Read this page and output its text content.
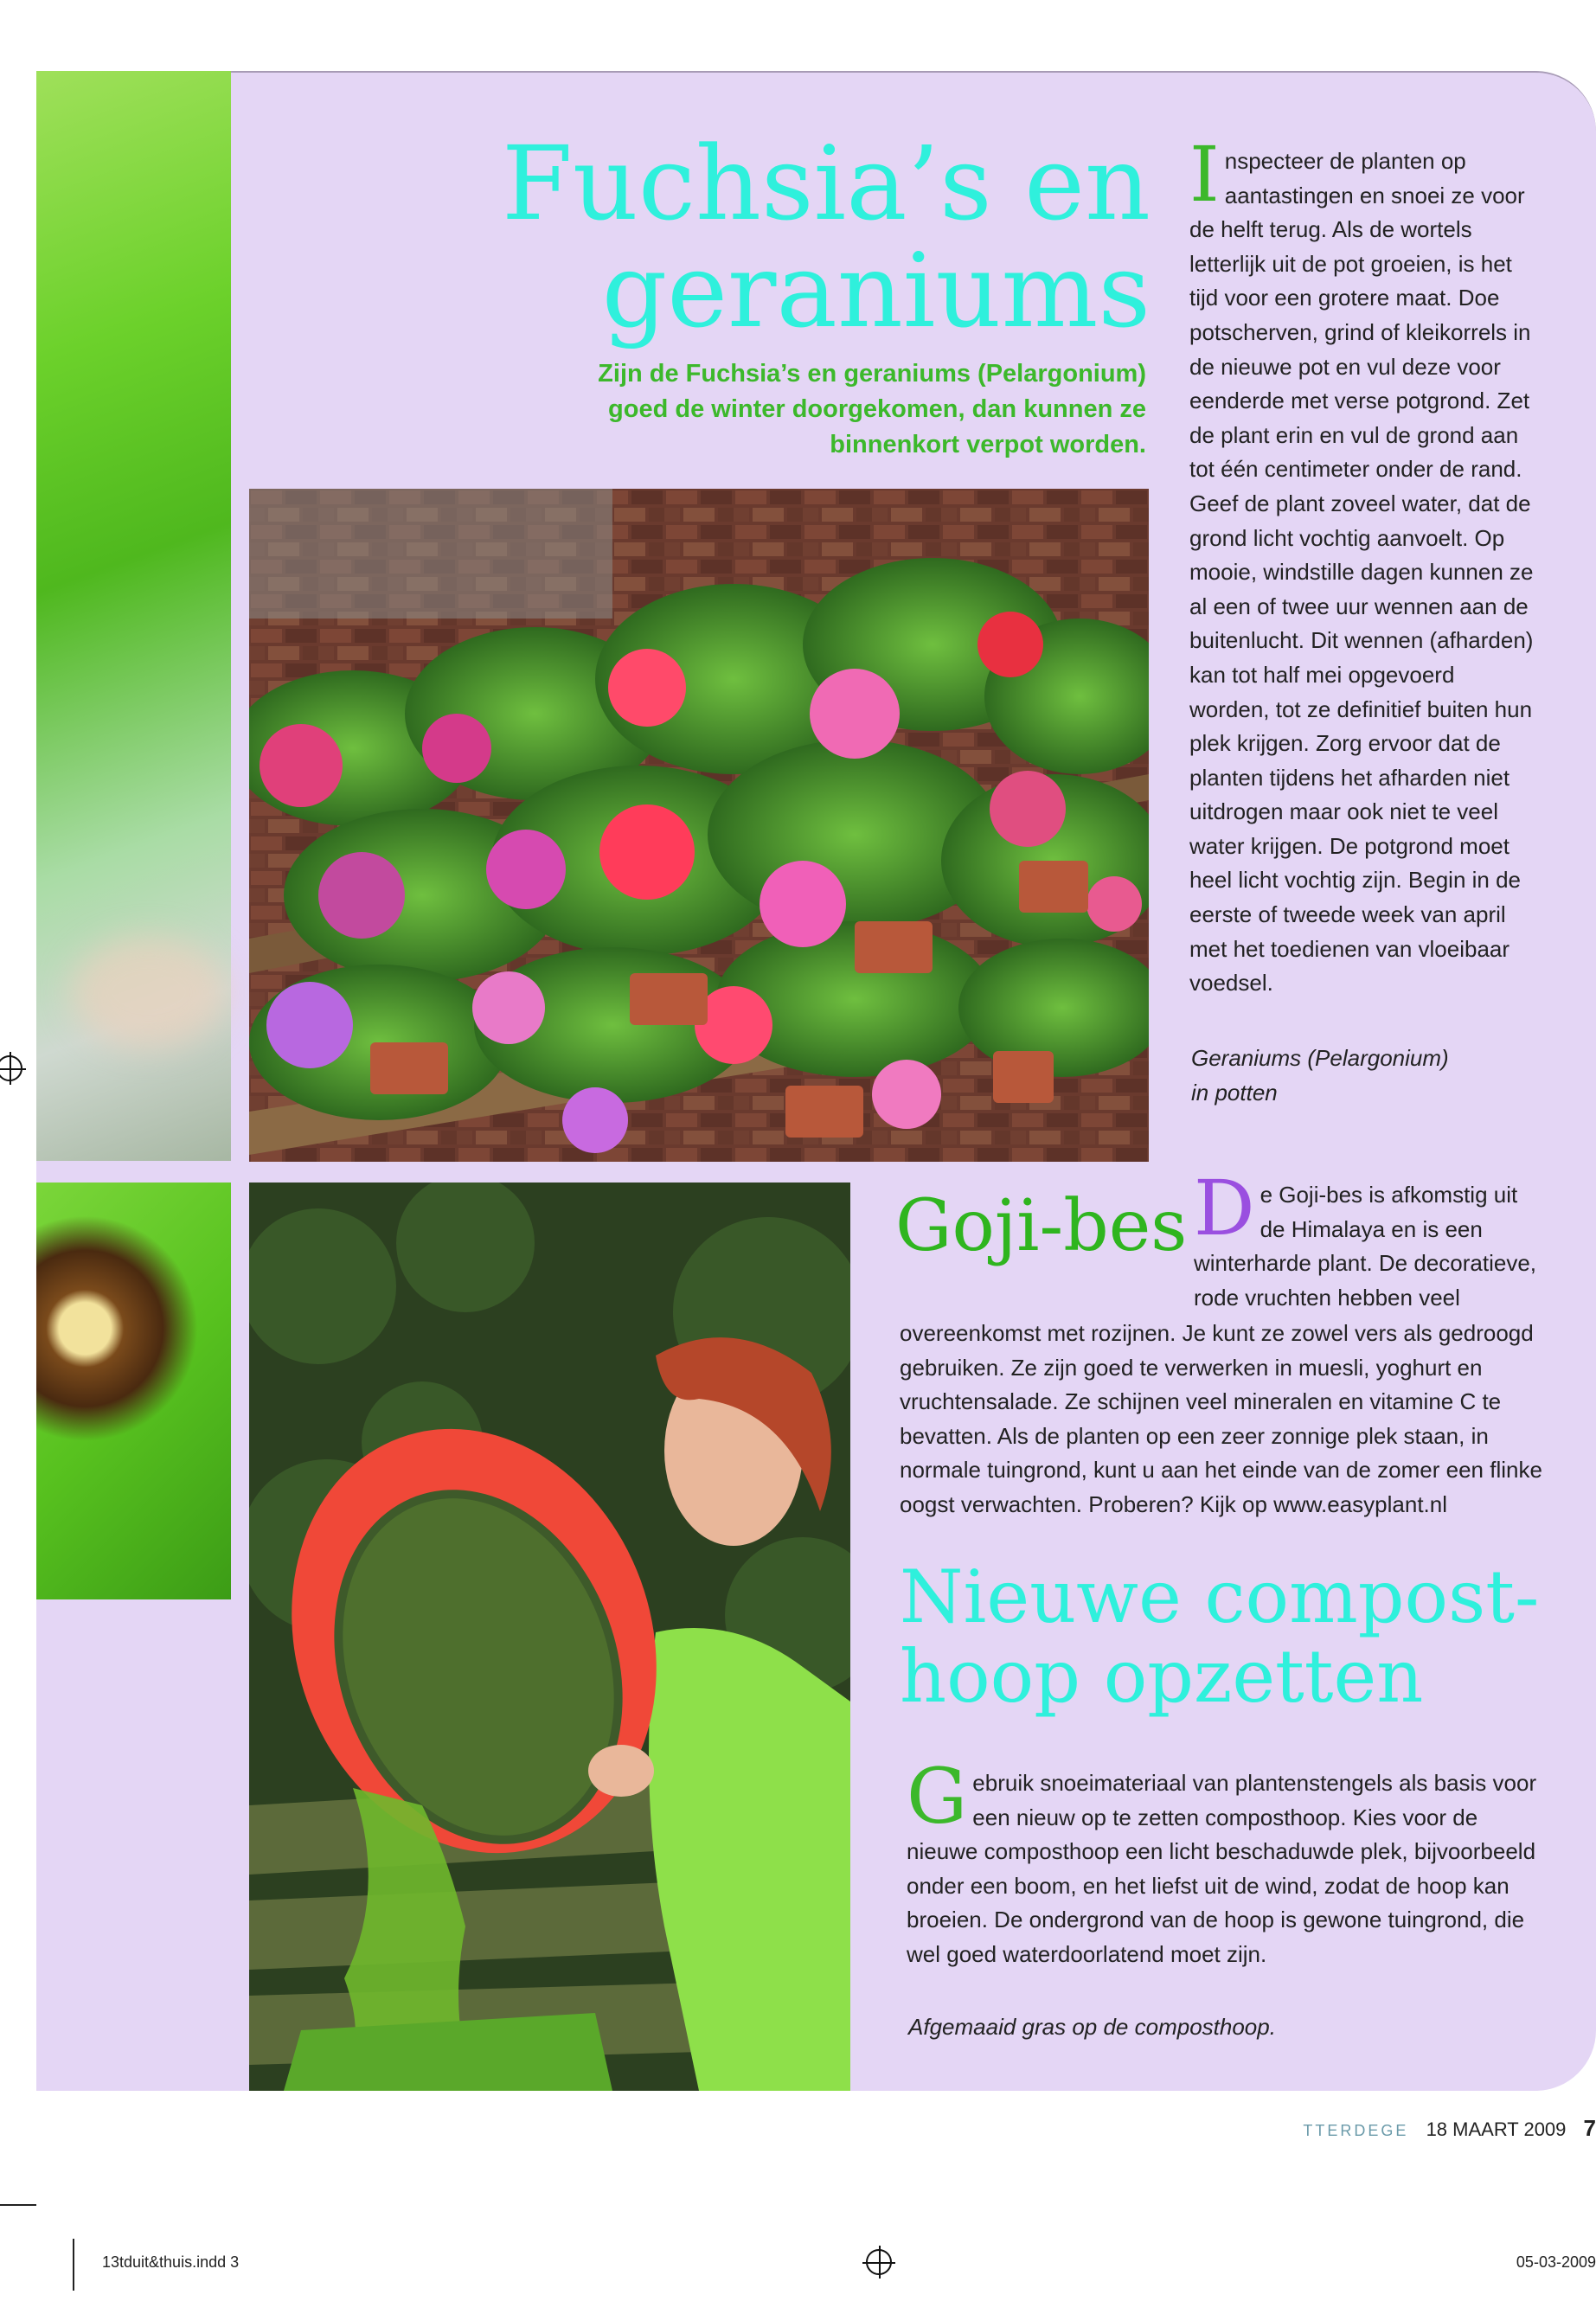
Fuchsia’s en
geraniums
Zijn de Fuchsia’s en geraniums (Pelargonium) goed de winter doorgekomen, dan kunnen ze binnenkort verpot worden.
Inspecteer de planten op aantastingen en snoei ze voor de helft terug. Als de wortels letterlijk uit de pot groeien, is het tijd voor een grotere maat. Doe potscherven, grind of kleikorrels in de nieuwe pot en vul deze voor eenderde met verse potgrond. Zet de plant erin en vul de grond aan tot één centimeter onder de rand. Geef de plant zoveel water, dat de grond licht vochtig aanvoelt. Op mooie, windstille dagen kunnen ze al een of twee uur wennen aan de buitenlucht. Dit wennen (afharden) kan tot half mei opgevoerd worden, tot ze definitief buiten hun plek krijgen. Zorg ervoor dat de planten tijdens het afharden niet uitdrogen maar ook niet te veel water krijgen. De potgrond moet heel licht vochtig zijn. Begin in de eerste of tweede week van april met het toedienen van vloeibaar voedsel.
Geraniums (Pelargonium)
in potten
Goji-bes De Goji-bes is afkomstig uit de Himalaya en is een winterharde plant. De decoratieve, rode vruchten hebben veel
overeenkomst met rozijnen. Je kunt ze zowel vers als gedroogd gebruiken. Ze zijn goed te verwerken in muesli, yoghurt en vruchtensalade. Ze schijnen veel mineralen en vitamine C te bevatten. Als de planten op een zeer zonnige plek staan, in normale tuingrond, kunt u aan het einde van de zomer een flinke oogst verwachten. Proberen? Kijk op www.easyplant.nl
Nieuwe compost-
hoop opzetten
Gebruik snoeimateriaal van plantenstengels als basis voor een nieuw op te zetten composthoop. Kies voor de nieuwe composthoop een licht beschaduwde plek, bijvoorbeeld onder een boom, en het liefst uit de wind, zodat de hoop kan broeien. De ondergrond van de hoop is gewone tuingrond, die wel goed waterdoorlatend moet zijn.
Afgemaaid gras op de composthoop.
TTERDEGE 18 MAART 2009 7
13tduit&thuis.indd 3	05-03-2009
